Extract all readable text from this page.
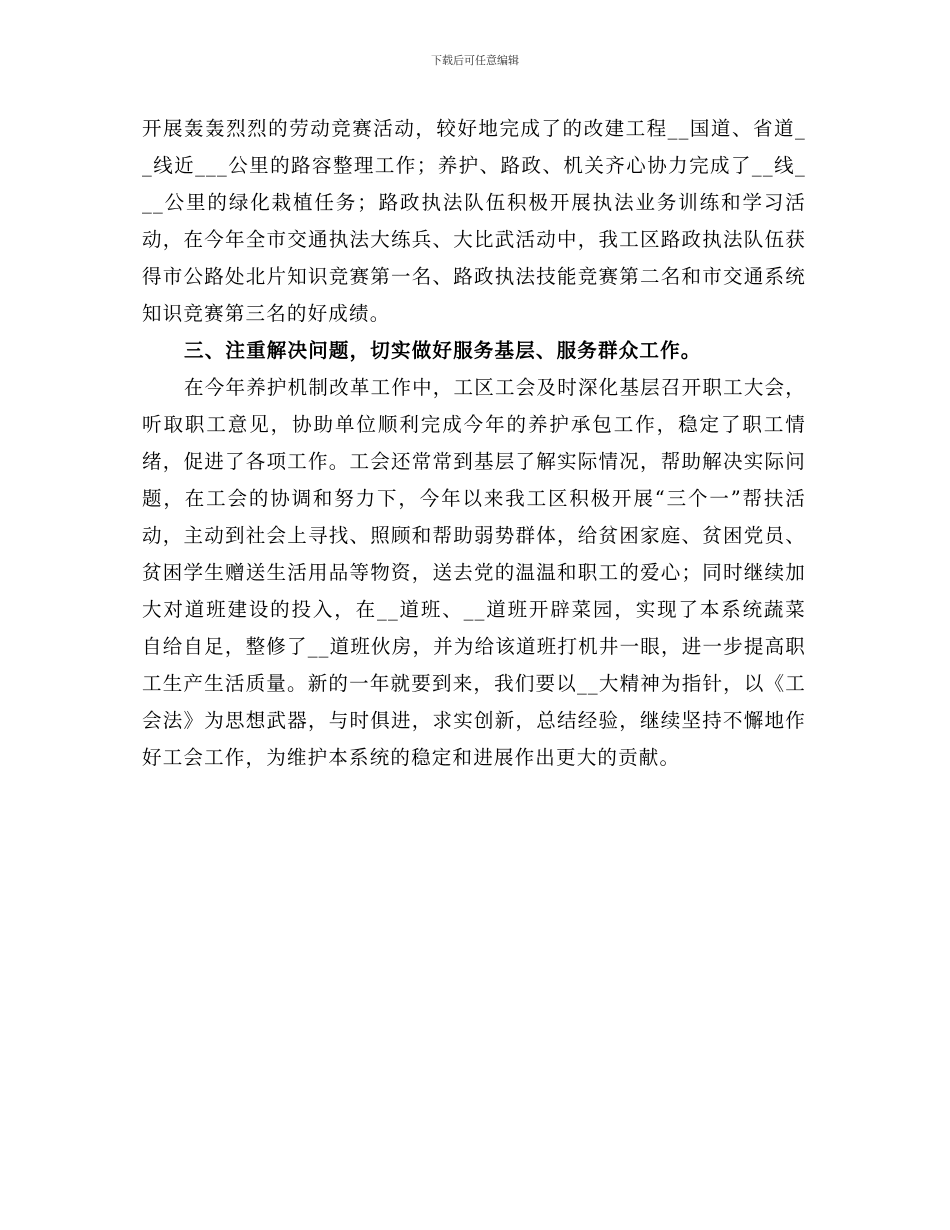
下载后可任意编辑

开展轰轰烈烈的劳动竞赛活动，较好地完成了的改建工程__国道、省道__线近___公里的路容整理工作；养护、路政、机关齐心协力完成了__线___公里的绿化栽植任务；路政执法队伍积极开展执法业务训练和学习活动，在今年全市交通执法大练兵、大比武活动中，我工区路政执法队伍获得市公路处北片知识竞赛第一名、路政执法技能竞赛第二名和市交通系统知识竞赛第三名的好成绩。

三、注重解决问题，切实做好服务基层、服务群众工作。

在今年养护机制改革工作中，工区工会及时深化基层召开职工大会，听取职工意见，协助单位顺利完成今年的养护承包工作，稳定了职工情绪，促进了各项工作。工会还常常到基层了解实际情况，帮助解决实际问题，在工会的协调和努力下，今年以来我工区积极开展“三个一”帮扶活动，主动到社会上寻找、照顾和帮助弱势群体，给贫困家庭、贫困党员、贫困学生赠送生活用品等物资，送去党的温温和职工的爱心；同时继续加大对道班建设的投入，在__道班、__道班开辟菜园，实现了本系统蔬菜自给自足，整修了__道班伙房，并为给该道班打机井一眼，进一步提高职工生产生活质量。新的一年就要到来，我们要以__大精神为指针，以《工会法》为思想武器，与时俱进，求实创新，总结经验，继续坚持不懈地作好工会工作，为维护本系统的稳定和进展作出更大的贡献。
